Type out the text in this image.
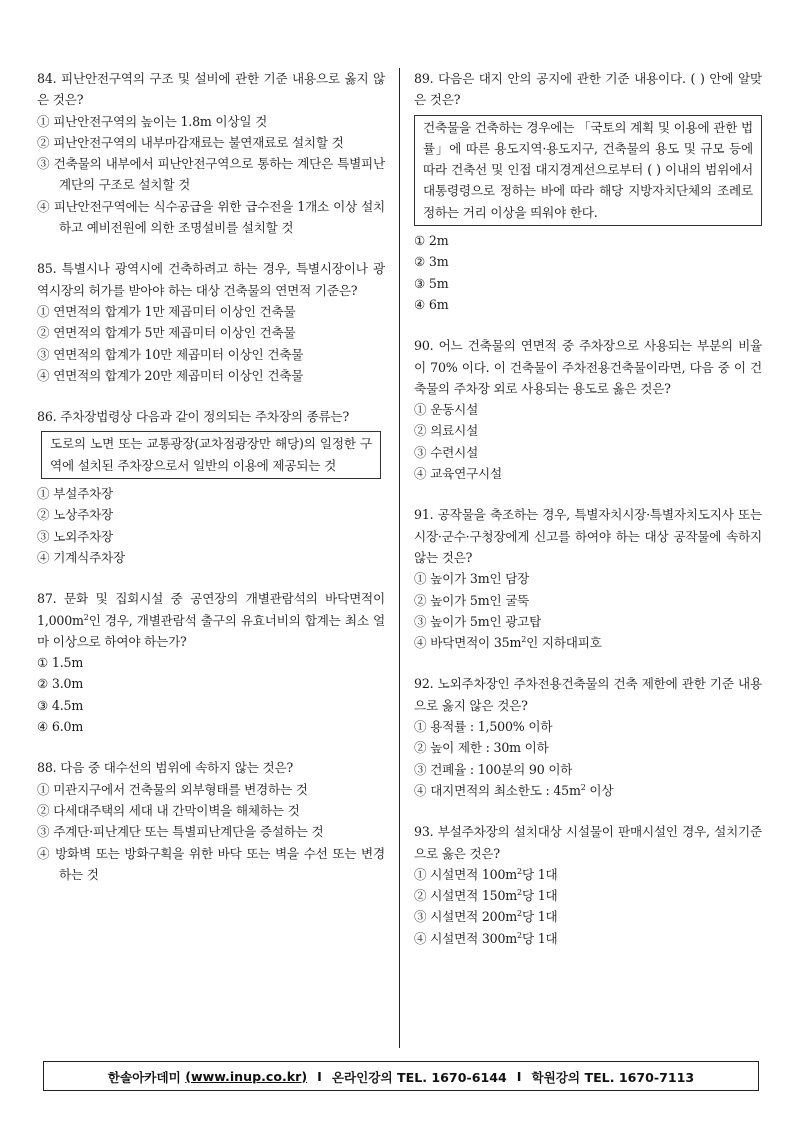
84. 피난안전구역의 구조 및 설비에 관한 기준 내용으로 옳지 않은 것은?
① 피난안전구역의 높이는 1.8m 이상일 것
② 피난안전구역의 내부마감재료는 불연재료로 설치할 것
③ 건축물의 내부에서 피난안전구역으로 통하는 계단은 특별피난계단의 구조로 설치할 것
④ 피난안전구역에는 식수공급을 위한 급수전을 1개소 이상 설치하고 예비전원에 의한 조명설비를 설치할 것
85. 특별시나 광역시에 건축하려고 하는 경우, 특별시장이나 광역시장의 허가를 받아야 하는 대상 건축물의 연면적 기준은?
① 연면적의 합계가 1만 제곱미터 이상인 건축물
② 연면적의 합계가 5만 제곱미터 이상인 건축물
③ 연면적의 합계가 10만 제곱미터 이상인 건축물
④ 연면적의 합계가 20만 제곱미터 이상인 건축물
86. 주차장법령상 다음과 같이 정의되는 주차장의 종류는?
도로의 노면 또는 교통광장(교차점광장만 해당)의 일정한 구역에 설치된 주차장으로서 일반의 이용에 제공되는 것
① 부설주차장
② 노상주차장
③ 노외주차장
④ 기계식주차장
87. 문화 및 집회시설 중 공연장의 개별관람석의 바닥면적이 $1,000m^2$인 경우, 개별관람석 출구의 유효너비의 합계는 최소 얼마 이상으로 하여야 하는가?
① 1.5m
② 3.0m
③ 4.5m
④ 6.0m
88. 다음 중 대수선의 범위에 속하지 않는 것은?
① 미관지구에서 건축물의 외부형태를 변경하는 것
② 다세대주택의 세대 내 간막이벽을 해체하는 것
③ 주계단·피난계단 또는 특별피난계단을 증설하는 것
④ 방화벽 또는 방화구획을 위한 바닥 또는 벽을 수선 또는 변경하는 것
89. 다음은 대지 안의 공지에 관한 기준 내용이다. ( ) 안에 알맞은 것은?
건축물을 건축하는 경우에는 「국토의 계획 및 이용에 관한 법률」에 따른 용도지역·용도지구, 건축물의 용도 및 규모 등에 따라 건축선 및 인접 대지경계선으로부터 ( ) 이내의 범위에서 대통령령으로 정하는 바에 따라 해당 지방자치단체의 조례로 정하는 거리 이상을 띄워야 한다.
① 2m
② 3m
③ 5m
④ 6m
90. 어느 건축물의 연면적 중 주차장으로 사용되는 부분의 비율이 70% 이다. 이 건축물이 주차전용건축물이라면, 다음 중 이 건축물의 주차장 외로 사용되는 용도로 옳은 것은?
① 운동시설
② 의료시설
③ 수련시설
④ 교육연구시설
91. 공작물을 축조하는 경우, 특별자치시장·특별자치도지사 또는 시장·군수·구청장에게 신고를 하여야 하는 대상 공작물에 속하지 않는 것은?
① 높이가 3m인 담장
② 높이가 5m인 굴뚝
③ 높이가 5m인 광고탑
④ 바닥면적이 $35m^2$인 지하대피호
92. 노외주차장인 주차전용건축물의 건축 제한에 관한 기준 내용으로 옳지 않은 것은?
① 용적률 : 1,500% 이하
② 높이 제한 : 30m 이하
③ 건폐율 : 100분의 90 이하
④ 대지면적의 최소한도 : $45m^2$ 이상
93. 부설주차장의 설치대상 시설물이 판매시설인 경우, 설치기준으로 옳은 것은?
① 시설면적 $100m^2$당 1대
② 시설면적 $150m^2$당 1대
③ 시설면적 $200m^2$당 1대
④ 시설면적 $300m^2$당 1대
한솔아카데미
(www.inup.co.kr) I 온라인강의 TEL. 1670-6144 I 학원강의 TEL. 1670-7113
